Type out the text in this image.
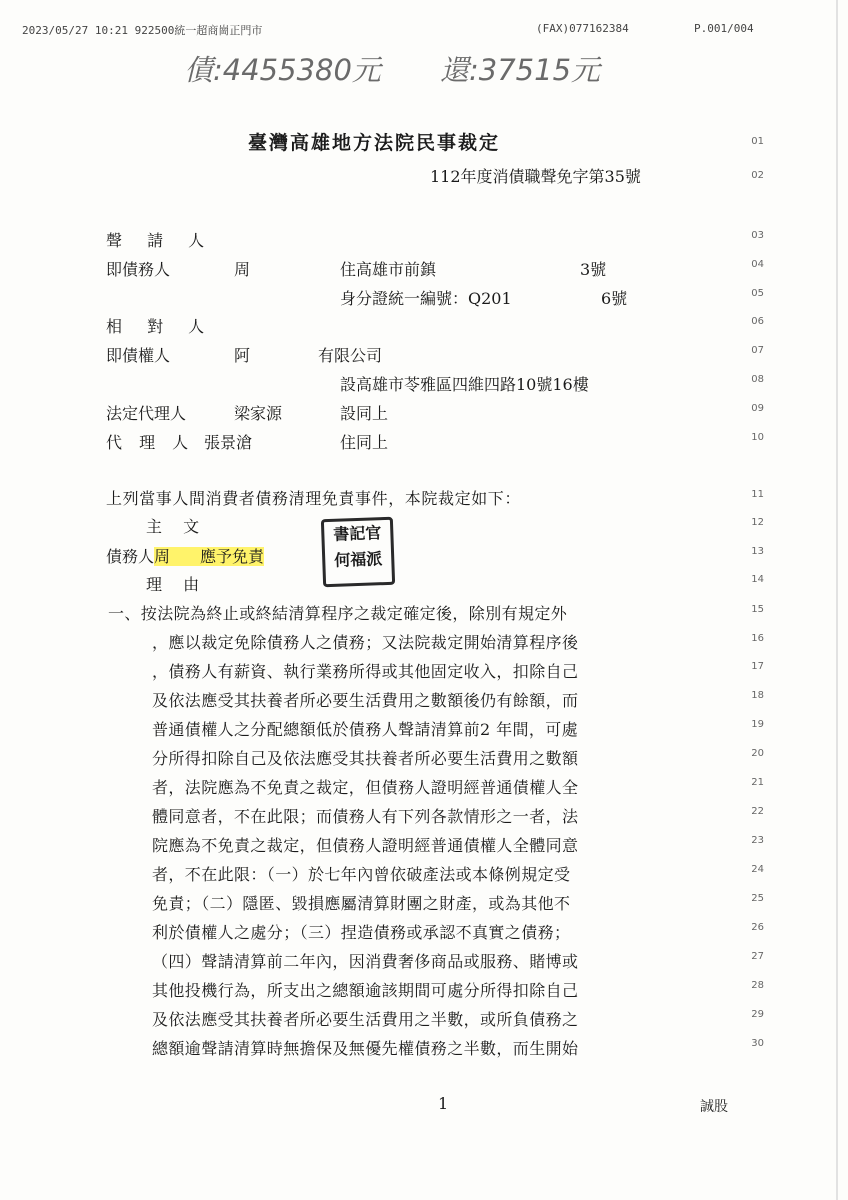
2023/05/27 10:21 922500統一超商崗正門市	(FAX)077162384	P.001/004
債:4455380元 還:37515元
臺灣高雄地方法院民事裁定
112年度消債職聲免字第35號
01
02
03
04
05
06
07
08
09
10
11
12
13
14
15
16
17
18
19
20
21
22
23
24
25
26
27
28
29
30
聲 請 人
即債務人	周	住高雄市前鎮	3號
身分證統一編號：Q201	6號
相 對 人
即債權人	阿	有限公司
設高雄市苓雅區四維四路10號16樓
法定代理人	梁家源	設同上
代 理 人 張景滄	住同上
上列當事人間消費者債務清理免責事件，本院裁定如下：
主 文
債務人周 應予免責
書記官
何福派
理 由
一、按法院為終止或終結清算程序之裁定確定後，除別有規定外
，應以裁定免除債務人之債務；又法院裁定開始清算程序後
，債務人有薪資、執行業務所得或其他固定收入，扣除自己
及依法應受其扶養者所必要生活費用之數額後仍有餘額，而
普通債權人之分配總額低於債務人聲請清算前2 年間，可處
分所得扣除自己及依法應受其扶養者所必要生活費用之數額
者，法院應為不免責之裁定，但債務人證明經普通債權人全
體同意者，不在此限；而債務人有下列各款情形之一者，法
院應為不免責之裁定，但債務人證明經普通債權人全體同意
者，不在此限：（一）於七年內曾依破產法或本條例規定受
免責；（二）隱匿、毀損應屬清算財團之財產，或為其他不
利於債權人之處分；（三）捏造債務或承認不真實之債務；
（四）聲請清算前二年內，因消費奢侈商品或服務、賭博或
其他投機行為，所支出之總額逾該期間可處分所得扣除自己
及依法應受其扶養者所必要生活費用之半數，或所負債務之
總額逾聲請清算時無擔保及無優先權債務之半數，而生開始
1	誠股
